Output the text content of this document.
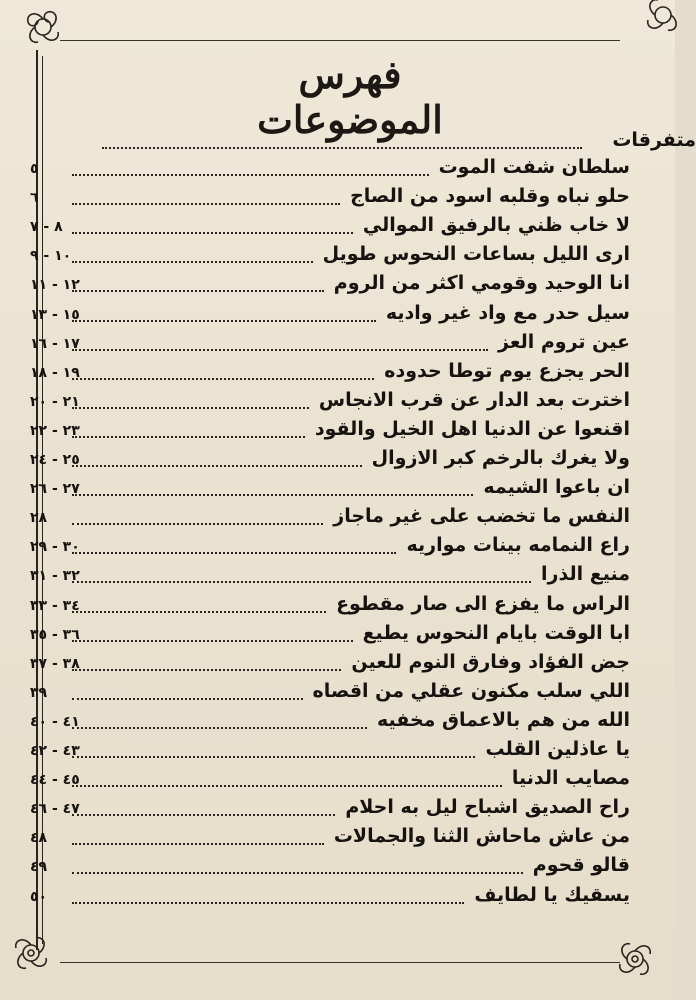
فهرس الموضوعات	متفرقات
سلطان شفت الموت
٥
حلو نباه وقلبه اسود من الصاج
٦
لا خاب ظني بالرفيق الموالي
٨ - ٧
ارى الليل بساعات النحوس طويل
١٠ - ٩
انا الوحيد وقومي اكثر من الروم
١٢ - ١١
سيل حدر مع واد غير واديه
١٥ - ١٣
عين تروم العز
١٧ - ١٦
الحر يجزع يوم توطا حدوده
١٩ - ١٨
اخترت بعد الدار عن قرب الانجاس
٢١ - ٢٠
اقنعوا عن الدنيا اهل الخيل والقود
٢٣ - ٢٢
ولا يغرك بالرخم كبر الازوال
٢٥ - ٢٤
ان باعوا الشيمه
٢٧ - ٢٦
النفس ما تخضب على غير ماجاز
٢٨
راع النمامه بينات مواريه
٣٠ - ٢٩
منيع الذرا
٣٢ - ٣١
الراس ما يفزع الى صار مقطوع
٣٤ - ٣٣
ابا الوقت بايام النحوس يطيع
٣٦ - ٣٥
جض الفؤاد وفارق النوم للعين
٣٨ - ٣٧
اللي سلب مكنون عقلي من اقصاه
٣٩
الله من هم بالاعماق مخفيه
٤١ - ٤٠
يا عاذلين القلب
٤٣ - ٤٢
مصايب الدنيا
٤٥ - ٤٤
راح الصديق اشباح ليل به احلام
٤٧ - ٤٦
من عاش ماحاش الثنا والجمالات
٤٨
قالو قحوم
٤٩
يسقيك يا لطايف
٥٠
